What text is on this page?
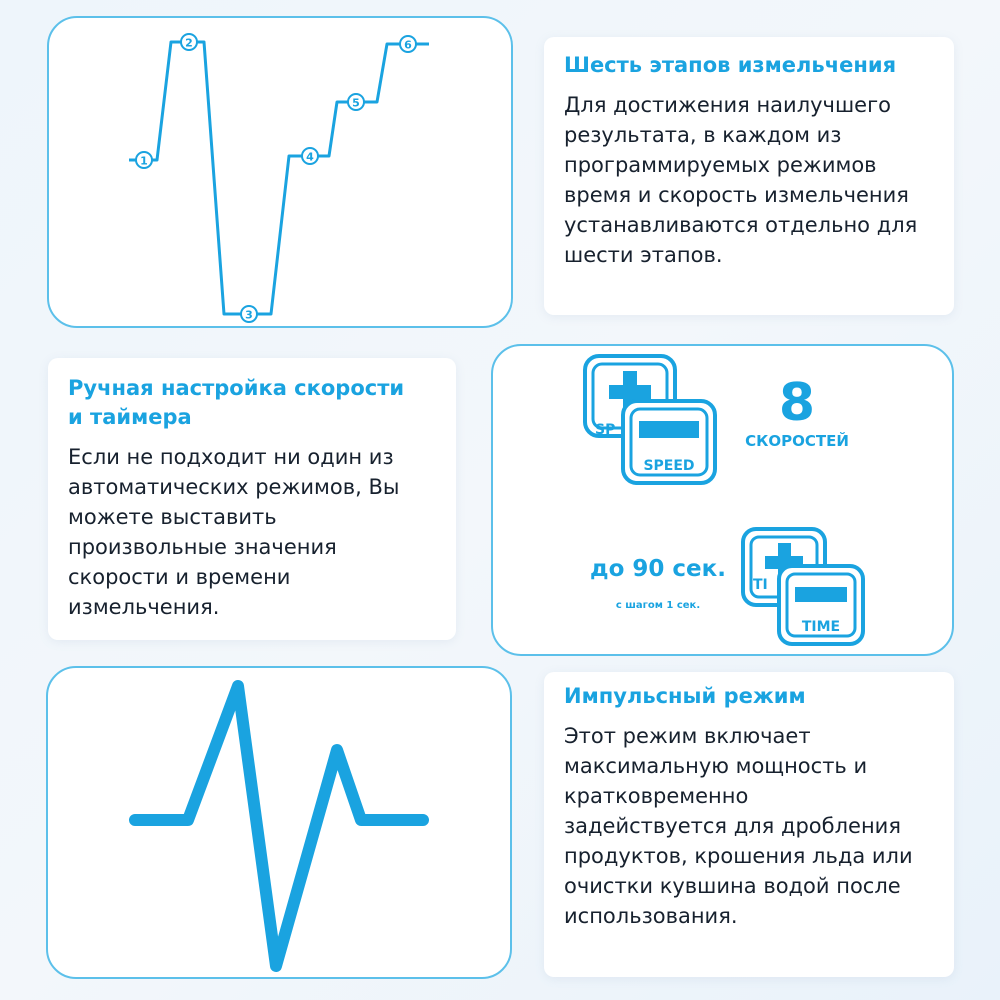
1
2
3
4
5
6
Шесть этапов измельчения
Для достижения наилучшего результата, в каждом из программируемых режимов время и скорость измельчения устанавливаются отдельно для шести этапов.
Ручная настройка скорости и таймера
Если не подходит ни один из автоматических режимов, Вы можете выставить произвольные значения скорости и времени измельчения.
SP
SPEED
8
СКОРОСТЕЙ
до 90 сек.
с шагом 1 сек.
TI
TIME
Импульсный режим
Этот режим включает максимальную мощность и кратковременно задействуется для дробления продуктов, крошения льда или очистки кувшина водой после использования.
